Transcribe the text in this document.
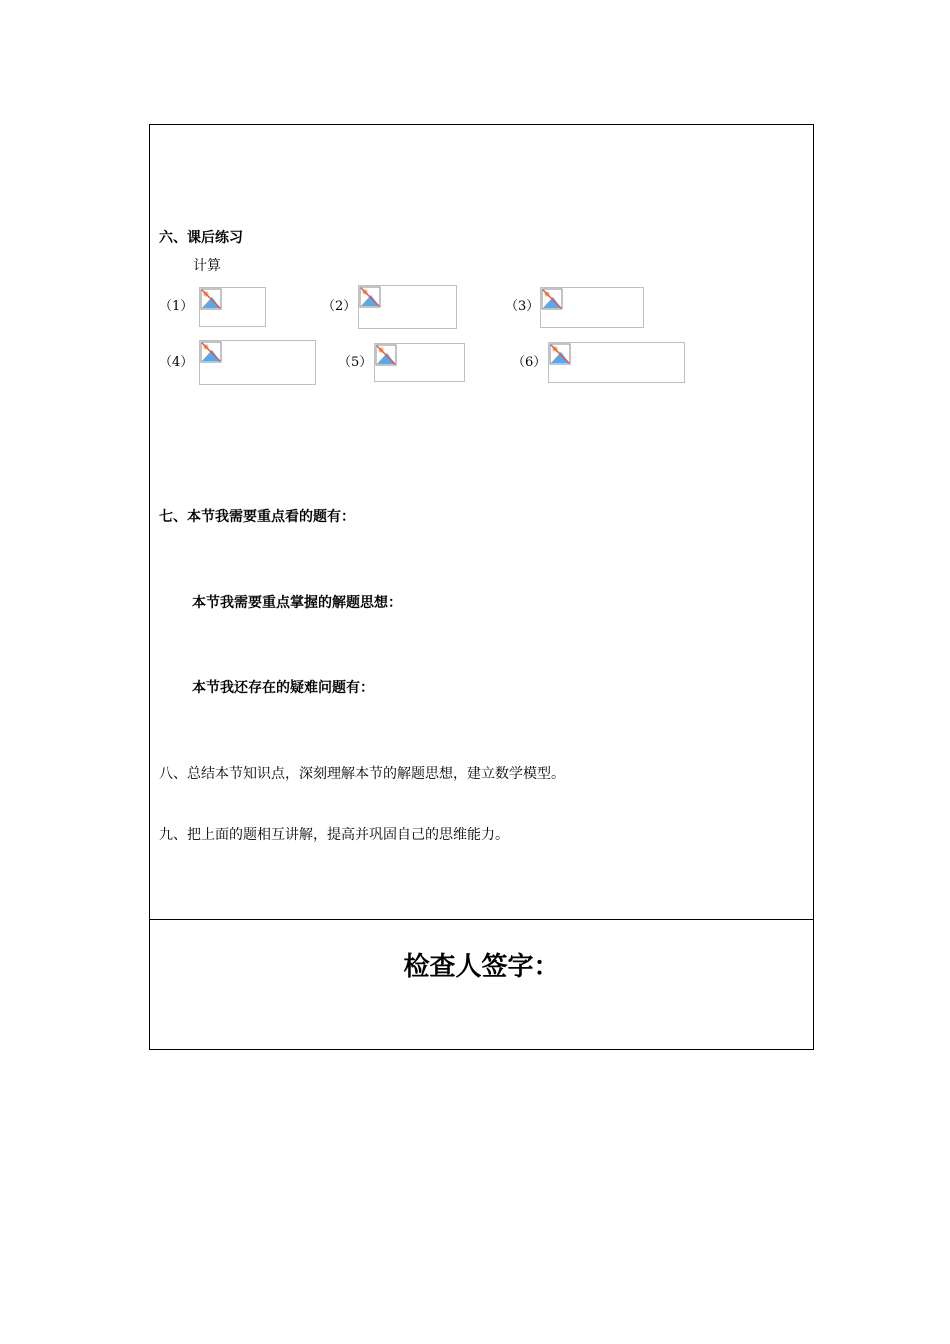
六、课后练习
计算
（1）	（2）	（3）
（4）	（5）	（6）
七、本节我需要重点看的题有：
本节我需要重点掌握的解题思想：
本节我还存在的疑难问题有：
八、总结本节知识点，深刻理解本节的解题思想，建立数学模型。
九、把上面的题相互讲解，提高并巩固自己的思维能力。
检查人签字：
